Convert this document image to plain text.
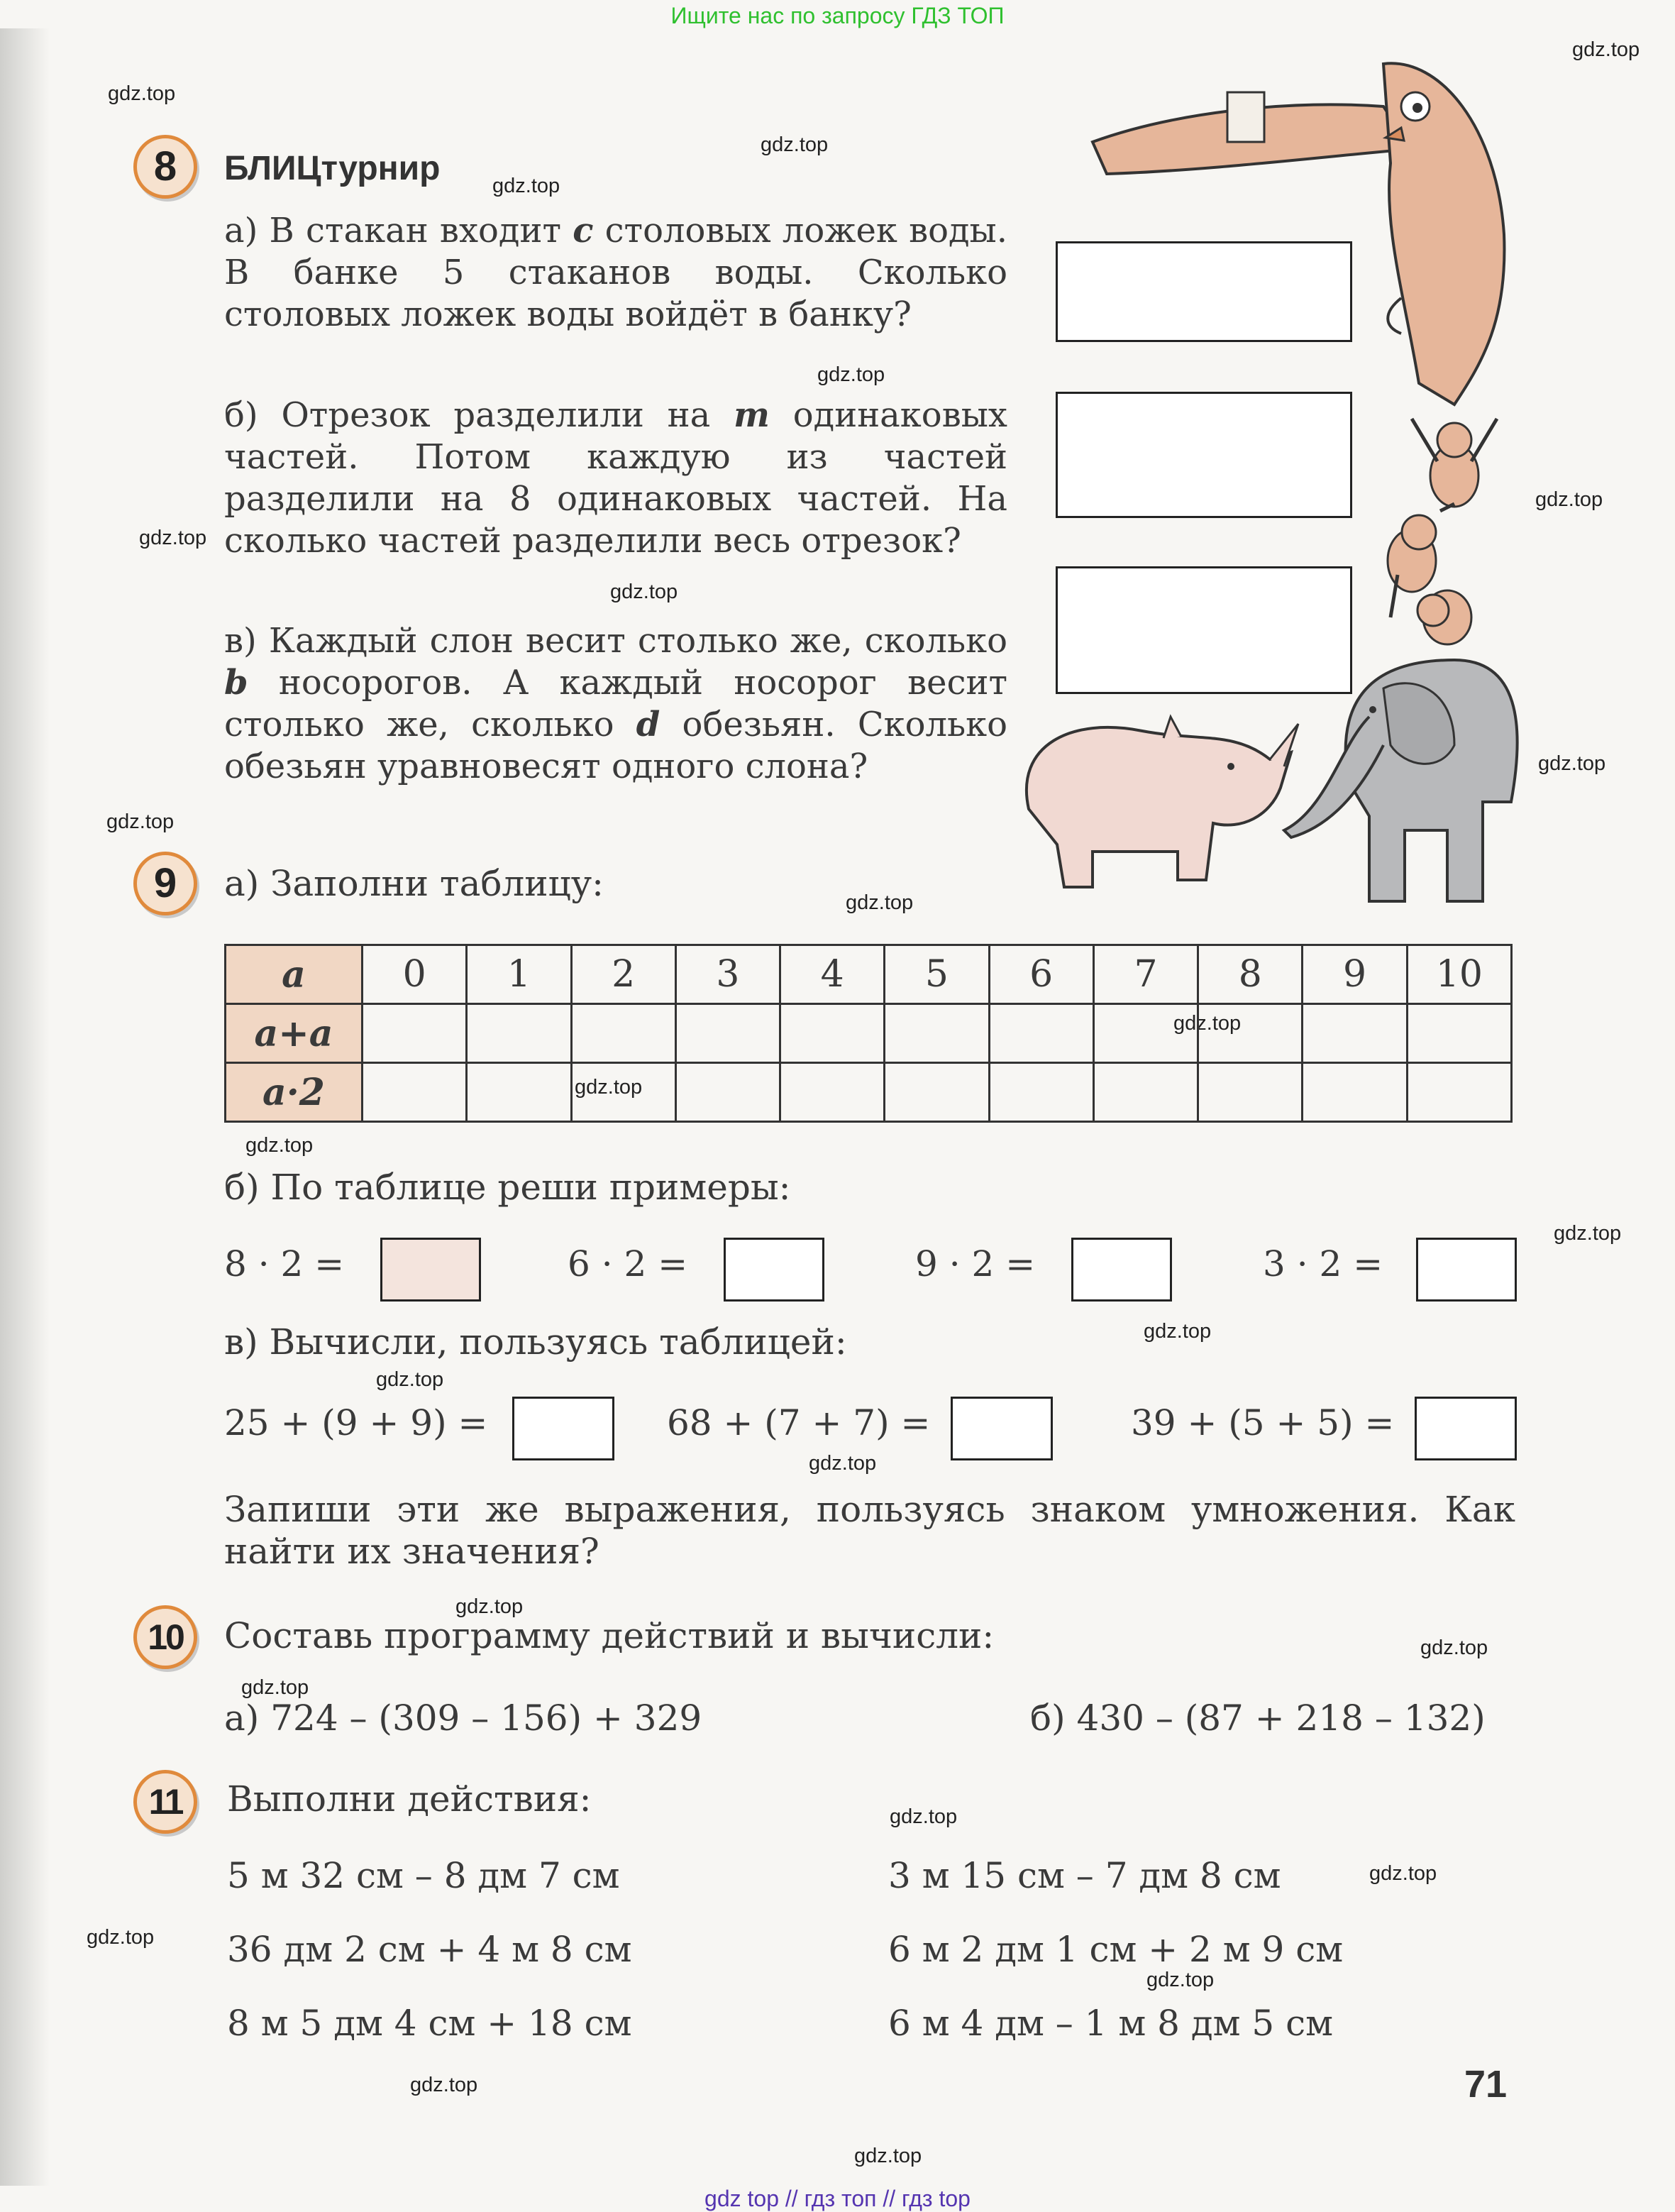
Ищите нас по запросу ГДЗ ТОП
gdz top // гдз топ // гдз top
gdz.top
gdz.top
gdz.top
gdz.top
gdz.top
gdz.top
gdz.top
gdz.top
gdz.top
gdz.top
gdz.top
gdz.top
gdz.top
gdz.top
gdz.top
gdz.top
gdz.top
gdz.top
gdz.top
gdz.top
gdz.top
gdz.top
gdz.top
gdz.top
gdz.top
gdz.top
gdz.top
8	БЛИЦтурнир
а) В стакан входит c столовых ложек воды. В банке 5 стаканов воды. Сколько столовых ложек воды войдёт в банку?
б) Отрезок разделили на m одинаковых частей. Потом каждую из частей разделили на 8 одинаковых частей. На сколько частей разделили весь отрезок?
в) Каждый слон весит столько же, сколько b носорогов. А каждый носорог весит столько же, сколько d обезьян. Сколько обезьян уравновесят одного слона?
9	а) Заполни таблицу:
a	0	1	2	3	4	5	6	7	8	9	10
a+a											
a·2											
б) По таблице реши примеры:
8 · 2 =	6 · 2 =	9 · 2 =	3 · 2 =
в) Вычисли, пользуясь таблицей:
25 + (9 + 9) =	68 + (7 + 7) =	39 + (5 + 5) =
Запиши эти же выражения, пользуясь знаком умножения. Как найти их значения?
10	Составь программу действий и вычисли:
а) 724 – (309 – 156) + 329	б) 430 – (87 + 218 – 132)
11	Выполни действия:
5 м 32 см – 8 дм 7 см
36 дм 2 см + 4 м 8 см
8 м 5 дм 4 см + 18 см
3 м 15 см – 7 дм 8 см
6 м 2 дм 1 см + 2 м 9 см
6 м 4 дм – 1 м 8 дм 5 см
71
